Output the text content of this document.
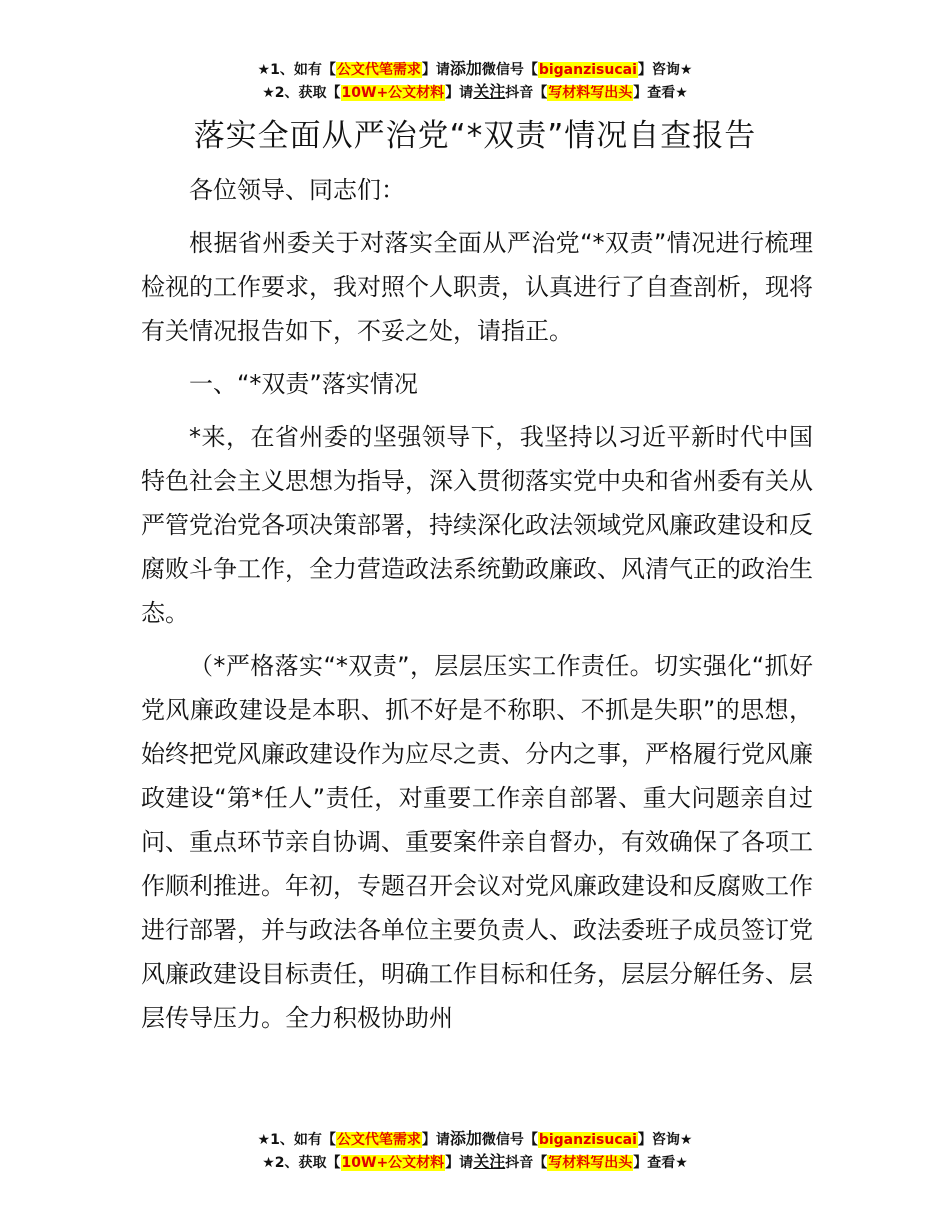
★1、如有【公文代笔需求】请添加微信号【biganzisucai】咨询★
★2、获取【10W+公文材料】请关注抖音【写材料写出头】查看★
落实全面从严治党“*双责”情况自查报告

各位领导、同志们：

根据省州委关于对落实全面从严治党“*双责”情况进行梳理检视的工作要求，我对照个人职责，认真进行了自查剖析，现将有关情况报告如下，不妥之处，请指正。

一、“*双责”落实情况

*来，在省州委的坚强领导下，我坚持以习近平新时代中国特色社会主义思想为指导，深入贯彻落实党中央和省州委有关从严管党治党各项决策部署，持续深化政法领域党风廉政建设和反腐败斗争工作，全力营造政法系统勤政廉政、风清气正的政治生态。

（*严格落实“*双责”，层层压实工作责任。切实强化“抓好党风廉政建设是本职、抓不好是不称职、不抓是失职”的思想，始终把党风廉政建设作为应尽之责、分内之事，严格履行党风廉政建设“第*任人”责任，对重要工作亲自部署、重大问题亲自过问、重点环节亲自协调、重要案件亲自督办，有效确保了各项工作顺利推进。年初，专题召开会议对党风廉政建设和反腐败工作进行部署，并与政法各单位主要负责人、政法委班子成员签订党风廉政建设目标责任，明确工作目标和任务，层层分解任务、层层传导压力。全力积极协助州

★1、如有【公文代笔需求】请添加微信号【biganzisucai】咨询★
★2、获取【10W+公文材料】请关注抖音【写材料写出头】查看★
